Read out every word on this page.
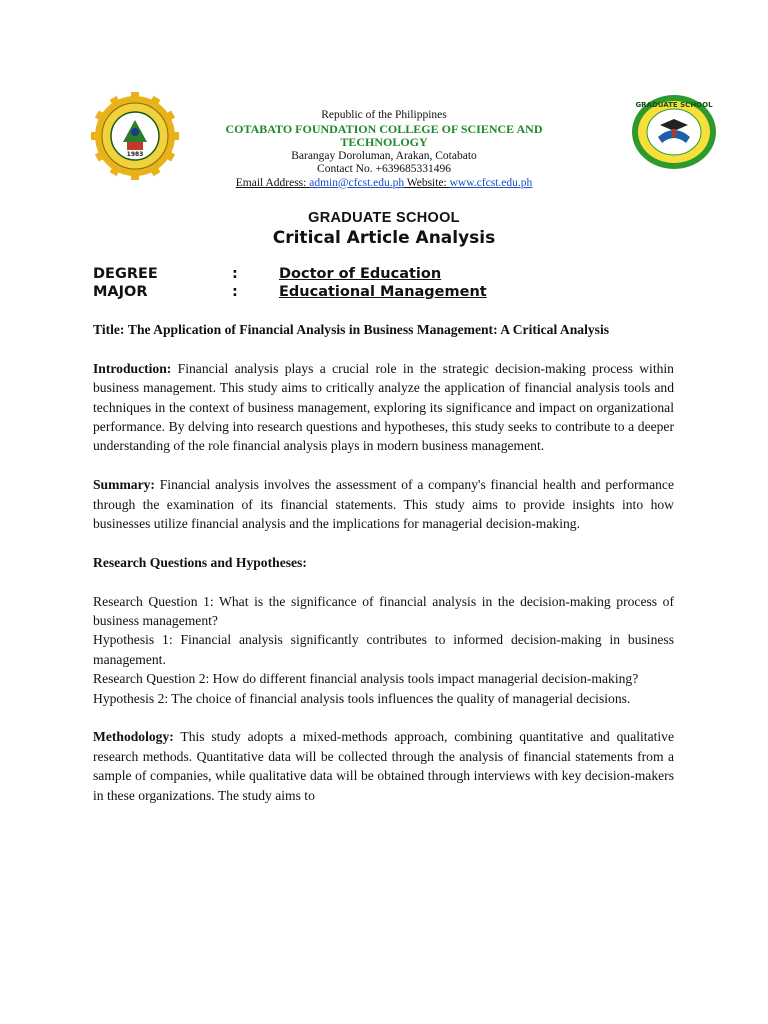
1983
GRADUATE SCHOOL
Republic of the Philippines
COTABATO FOUNDATION COLLEGE OF SCIENCE AND TECHNOLOGY
Barangay Doroluman, Arakan, Cotabato
Contact No. +639685331496
Email Address: admin@cfcst.edu.ph Website: www.cfcst.edu.ph
GRADUATE SCHOOL
Critical Article Analysis
DEGREE	:	Doctor of Education
MAJOR	:	Educational Management

Title: The Application of Financial Analysis in Business Management: A Critical Analysis

Introduction: Financial analysis plays a crucial role in the strategic decision-making process within business management. This study aims to critically analyze the application of financial analysis tools and techniques in the context of business management, exploring its significance and impact on organizational performance. By delving into research questions and hypotheses, this study seeks to contribute to a deeper understanding of the role financial analysis plays in modern business management.

Summary: Financial analysis involves the assessment of a company's financial health and performance through the examination of its financial statements. This study aims to provide insights into how businesses utilize financial analysis and the implications for managerial decision-making.

Research Questions and Hypotheses:

Research Question 1: What is the significance of financial analysis in the decision-making process of business management?

Hypothesis 1: Financial analysis significantly contributes to informed decision-making in business management.

Research Question 2: How do different financial analysis tools impact managerial decision-making?

Hypothesis 2: The choice of financial analysis tools influences the quality of managerial decisions.

Methodology: This study adopts a mixed-methods approach, combining quantitative and qualitative research methods. Quantitative data will be collected through the analysis of financial statements from a sample of companies, while qualitative data will be obtained through interviews with key decision-makers in these organizations. The study aims to
